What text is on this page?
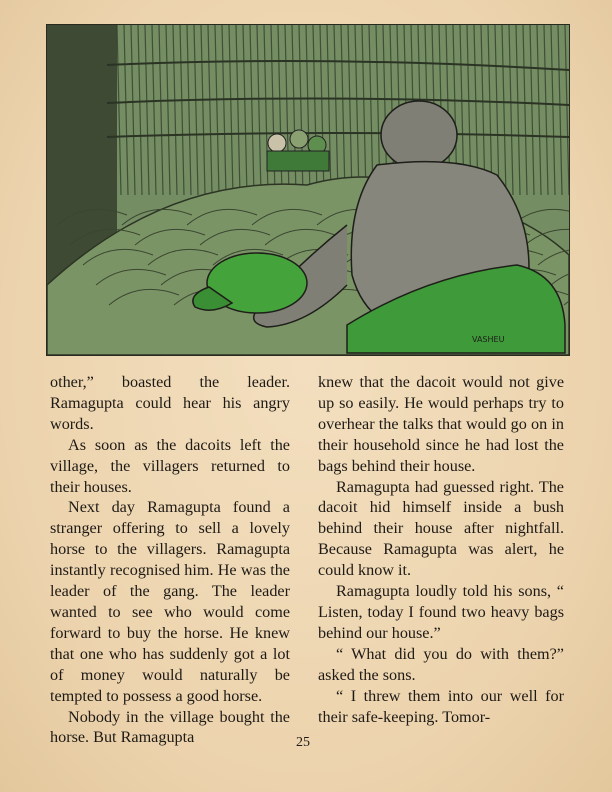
VASHEU

other,” boasted the leader. Ramagupta could hear his angry words.

As soon as the dacoits left the village, the villagers returned to their houses.

Next day Ramagupta found a stranger offering to sell a lovely horse to the villagers. Ramagupta instantly recognised him. He was the leader of the gang. The leader wanted to see who would come forward to buy the horse. He knew that one who has suddenly got a lot of money would naturally be tempted to possess a good horse.

Nobody in the village bought the horse. But Ramagupta

knew that the dacoit would not give up so easily. He would perhaps try to overhear the talks that would go on in their household since he had lost the bags behind their house.

Ramagupta had guessed right. The dacoit hid himself inside a bush behind their house after nightfall. Because Ramagupta was alert, he could know it.

Ramagupta loudly told his sons, “ Listen, today I found two heavy bags behind our house.”

“ What did you do with them?” asked the sons.

“ I threw them into our well for their safe-keeping. Tomor-

25
